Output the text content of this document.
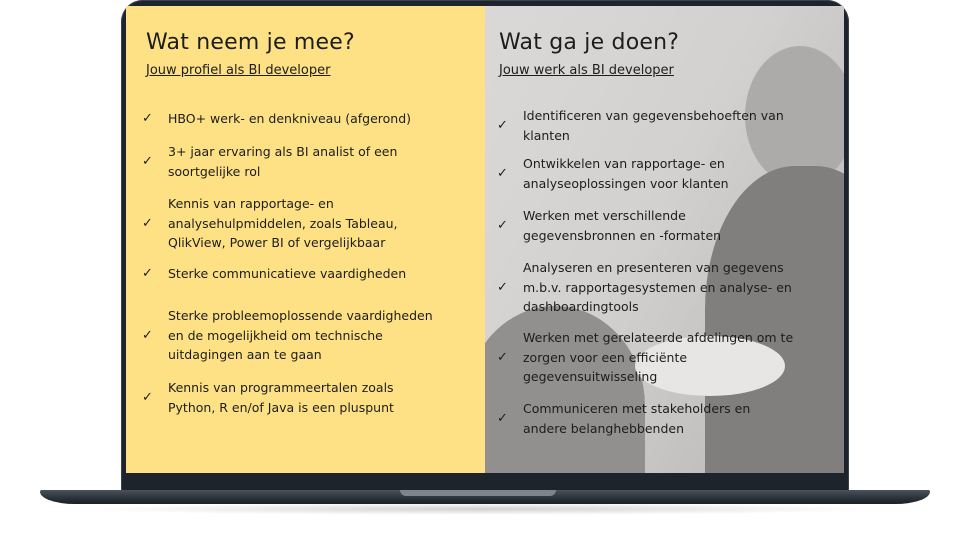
Wat neem je mee?
Jouw profiel als BI developer
✓	HBO+ werk- en denkniveau (afgerond)
✓
3+ jaar ervaring als BI analist of een soortgelijke rol
✓
Kennis van rapportage- en analysehulpmiddelen, zoals Tableau, QlikView, Power BI of vergelijkbaar
✓	Sterke communicatieve vaardigheden
✓
Sterke probleemoplossende vaardigheden en de mogelijkheid om technische uitdagingen aan te gaan
✓
Kennis van programmeertalen zoals Python, R en/of Java is een pluspunt
Wat ga je doen?
Jouw werk als BI developer
✓
Identificeren van gegevensbehoeften van klanten
✓
Ontwikkelen van rapportage- en analyseoplossingen voor klanten
✓
Werken met verschillende gegevensbronnen en -formaten
✓
Analyseren en presenteren van gegevens m.b.v. rapportagesystemen en analyse- en dashboardingtools
✓
Werken met gerelateerde afdelingen om te zorgen voor een efficiënte gegevensuitwisseling
✓
Communiceren met stakeholders en andere belanghebbenden
